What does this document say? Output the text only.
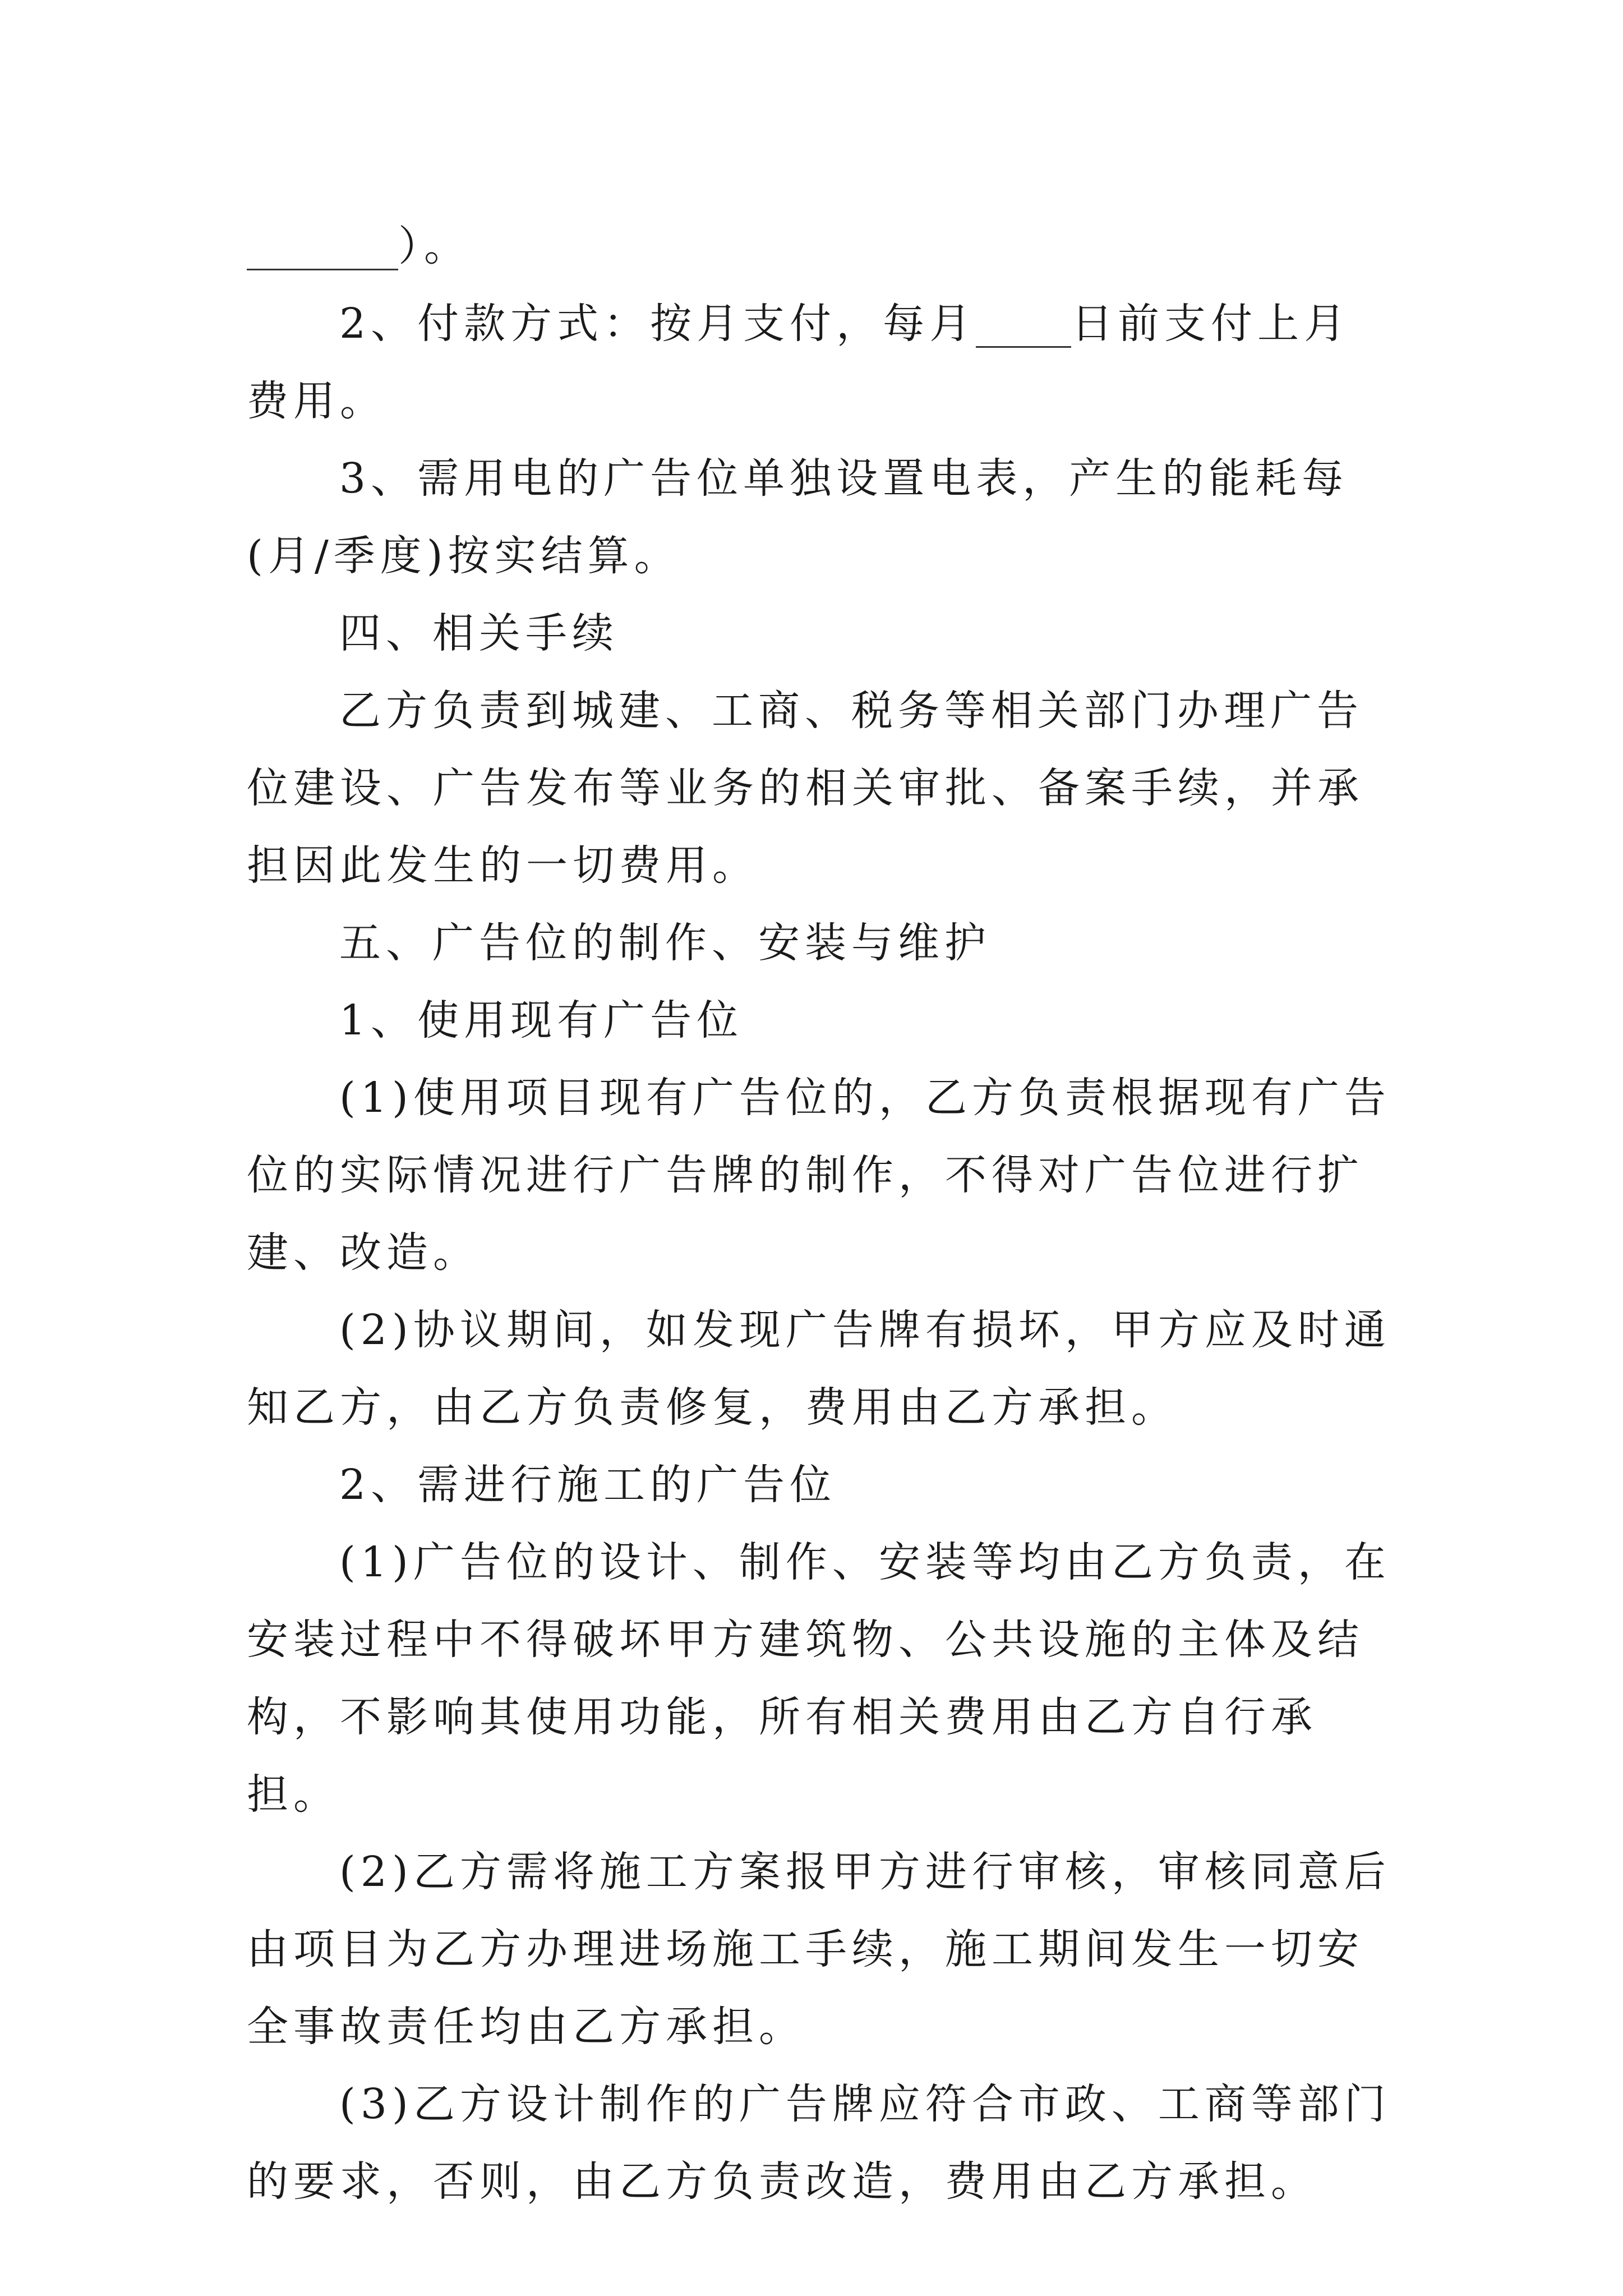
）。

2、付款方式：按月支付，每月 日前支付上月费用。

3、需用电的广告位单独设置电表，产生的能耗每(月/季度)按实结算。

四、相关手续

乙方负责到城建、工商、税务等相关部门办理广告位建设、广告发布等业务的相关审批、备案手续，并承担因此发生的一切费用。

五、广告位的制作、安装与维护

1、使用现有广告位

(1)使用项目现有广告位的，乙方负责根据现有广告位的实际情况进行广告牌的制作，不得对广告位进行扩建、改造。

(2)协议期间，如发现广告牌有损坏，甲方应及时通知乙方，由乙方负责修复，费用由乙方承担。

2、需进行施工的广告位

(1)广告位的设计、制作、安装等均由乙方负责，在安装过程中不得破坏甲方建筑物、公共设施的主体及结构，不影响其使用功能，所有相关费用由乙方自行承担。

(2)乙方需将施工方案报甲方进行审核，审核同意后由项目为乙方办理进场施工手续，施工期间发生一切安全事故责任均由乙方承担。

(3)乙方设计制作的广告牌应符合市政、工商等部门的要求，否则，由乙方负责改造，费用由乙方承担。
